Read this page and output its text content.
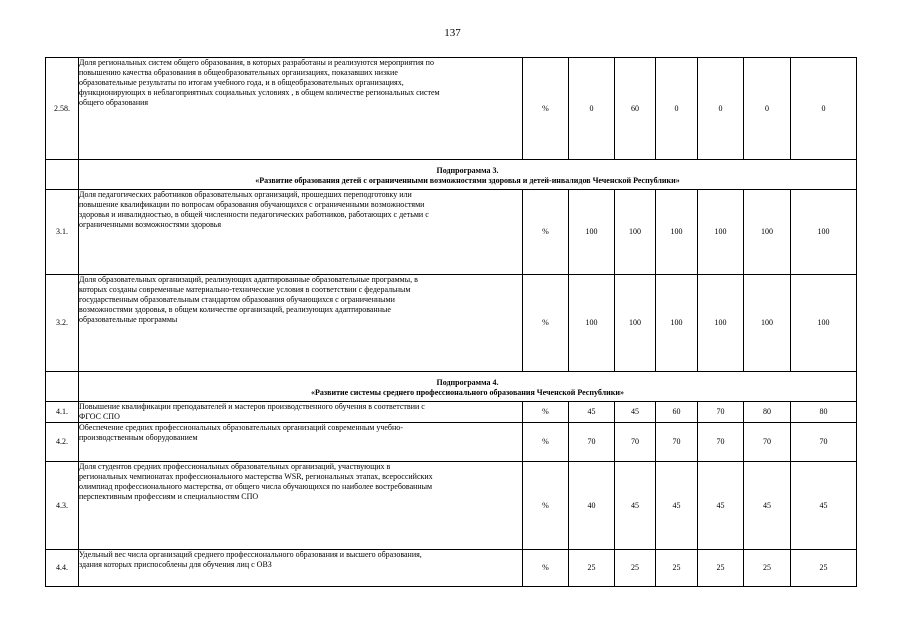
137
2.58.	Доля региональных систем общего образования, в которых разработаны и реализуются мероприятия по
повышению качества образования в общеобразовательных организациях, показавших низкие
образовательные результаты по итогам учебного года, и в общеобразовательных организациях,
функционирующих в неблагоприятных социальных условиях , в общем количестве региональных систем
общего образования	%	0	60	0	0	0	0

	Подпрограмма 3.
«Развитие образования детей с ограниченными возможностями здоровья и детей-инвалидов Чеченской Республики»							

3.1.	Доля педагогических работников образовательных организаций, прошедших переподготовку или
повышение квалификации по вопросам образования обучающихся с ограниченными возможностями
здоровья и инвалидностью, в общей численности педагогических работников, работающих с детьми с
ограниченными возможностями здоровья	%	100	100	100	100	100	100
3.2.	Доля образовательных организаций, реализующих адаптированные образовательные программы, в
которых созданы современные материально-технические условия в соответствии с федеральным
государственным образовательным стандартом образования обучающихся с ограниченными
возможностями здоровья, в общем количестве организаций, реализующих адаптированные
образовательные программы	%	100	100	100	100	100	100

	Подпрограмма 4.
«Развитие системы среднего профессионального образования Чеченской Республики»							

4.1.	Повышение квалификации преподавателей и мастеров производственного обучения в соответствии с
ФГОС СПО	%	45	45	60	70	80	80
4.2.	Обеспечение средних профессиональных образовательных организаций современным учебно-
производственным оборудованием	%	70	70	70	70	70	70
4.3.	Доля студентов средних профессиональных образовательных организаций, участвующих в
региональных чемпионатах профессионального мастерства WSR, региональных этапах, всероссийских
олимпиад профессионального мастерства, от общего числа обучающихся по наиболее востребованным
перспективным профессиям и специальностям СПО	%	40	45	45	45	45	45
4.4.	Удельный вес числа организаций среднего профессионального образования и высшего образования,
здания которых приспособлены для обучения лиц с ОВЗ	%	25	25	25	25	25	25
